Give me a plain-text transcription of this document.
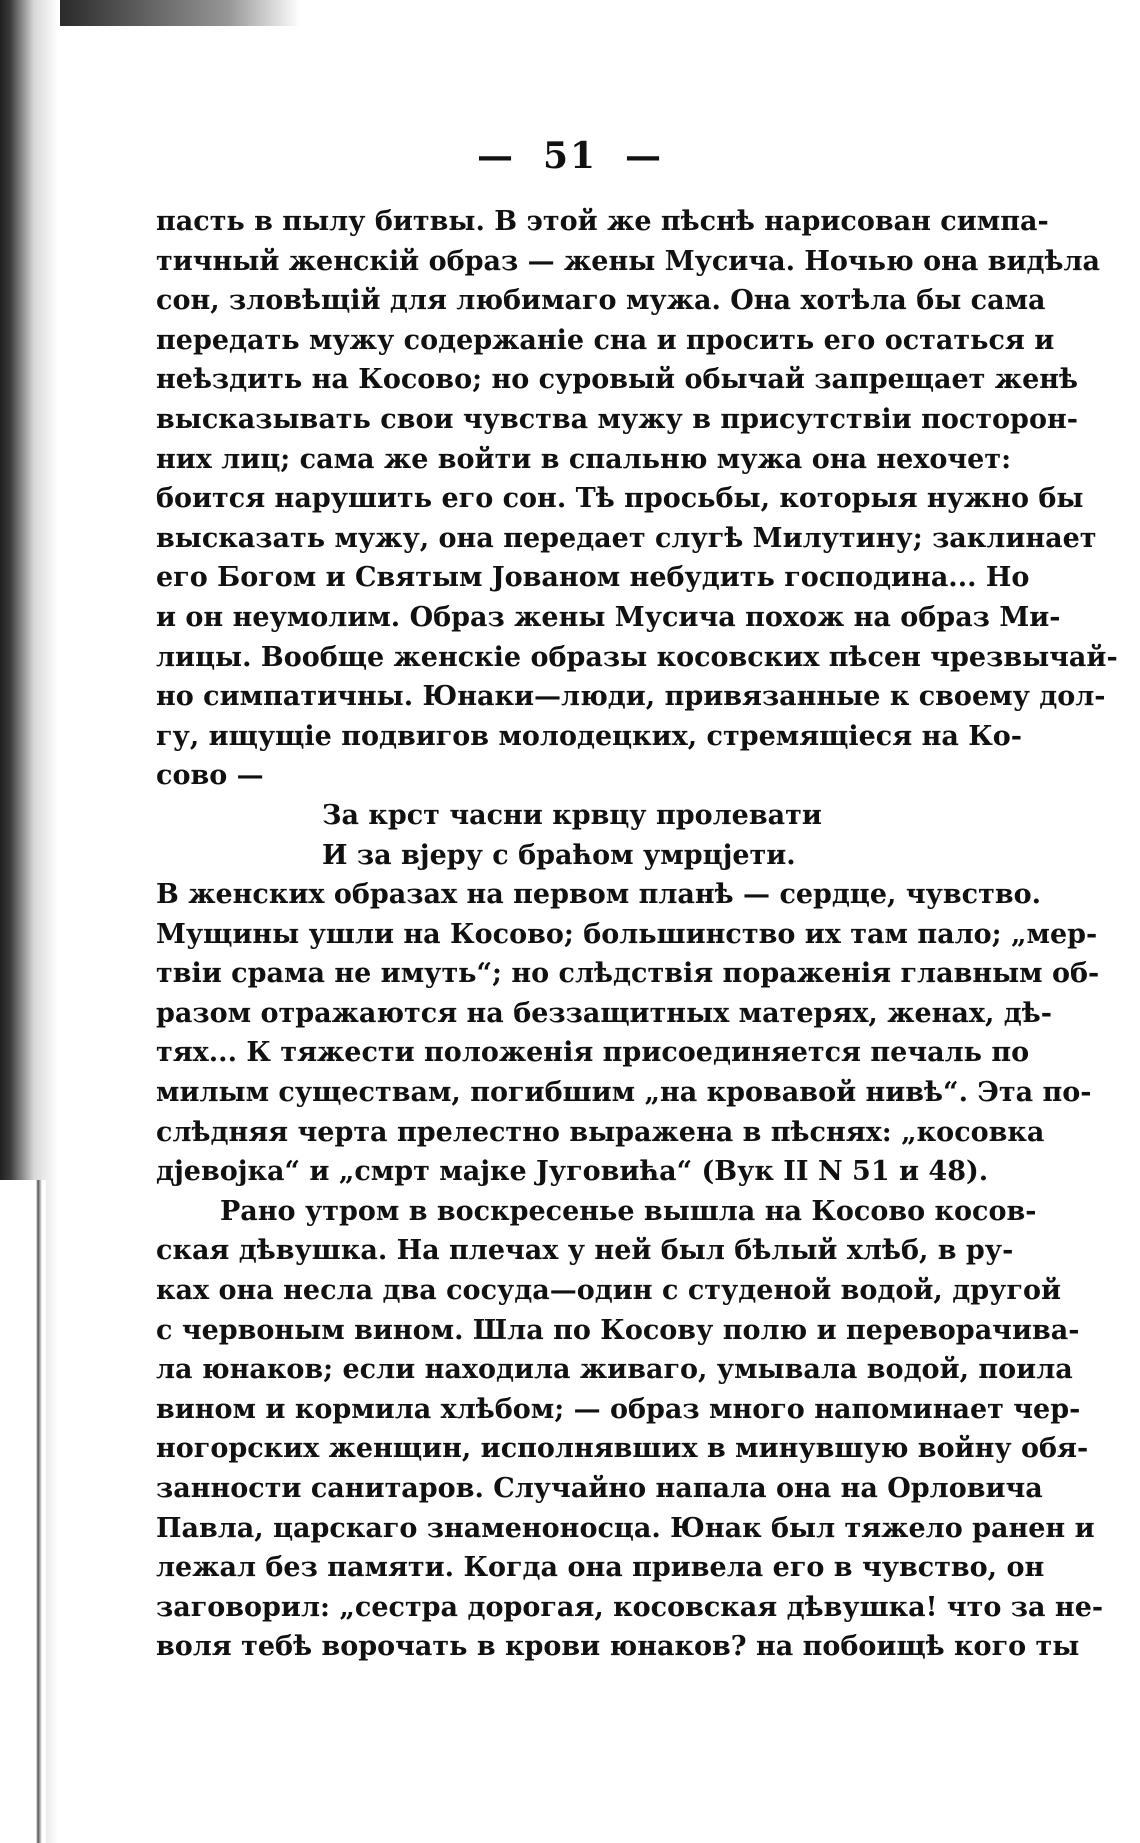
— 51 —
пасть в пылу битвы. В этой же пѣснѣ нарисован симпа-
тичный женскій образ — жены Мусича. Ночью она видѣла
сон, зловѣщій для любимаго мужа. Она хотѣла бы сама
передать мужу содержаніе сна и просить его остаться и
неѣздить на Косово; но суровый обычай запрещает женѣ
высказывать свои чувства мужу в присутствіи посторон-
них лиц; сама же войти в спальню мужа она нехочет:
боится нарушить его сон. Тѣ просьбы, которыя нужно бы
высказать мужу, она передает слугѣ Милутину; заклинает
его Богом и Святым Јованом небудить господина... Но
и он неумолим. Образ жены Мусича похож на образ Ми-
лицы. Вообще женскіе образы косовских пѣсен чрезвычай-
но симпатичны. Юнаки—люди, привязанные к своему дол-
гу, ищущіе подвигов молодецких, стремящіеся на Ко-
сово —
За крст часни крвцу пролевати
И за вјеру с браћом умрцјети.
В женских образах на первом планѣ — сердце, чувство.
Мущины ушли на Косово; большинство их там пало; „мер-
твіи срама не имуть“; но слѣдствія пораженія главным об-
разом отражаются на беззащитных матерях, женах, дѣ-
тях... К тяжести положенія присоединяется печаль по
милым существам, погибшим „на кровавой нивѣ“. Эта по-
слѣдняя черта прелестно выражена в пѣснях: „косовка
дјевојка“ и „смрт мајке Југовића“ (Вук II N 51 и 48).
Рано утром в воскресенье вышла на Косово косов-
ская дѣвушка. На плечах у ней был бѣлый хлѣб, в ру-
ках она несла два сосуда—один с студеной водой, другой
с червоным вином. Шла по Косову полю и переворачива-
ла юнаков; если находила живаго, умывала водой, поила
вином и кормила хлѣбом; — образ много напоминает чер-
ногорских женщин, исполнявших в минувшую войну обя-
занности санитаров. Случайно напала она на Орловича
Павла, царскаго знаменоносца. Юнак был тяжело ранен и
лежал без памяти. Когда она привела его в чувство, он
заговорил: „сестра дорогая, косовская дѣвушка! что за не-
воля тебѣ ворочать в крови юнаков? на побоищѣ кого ты
